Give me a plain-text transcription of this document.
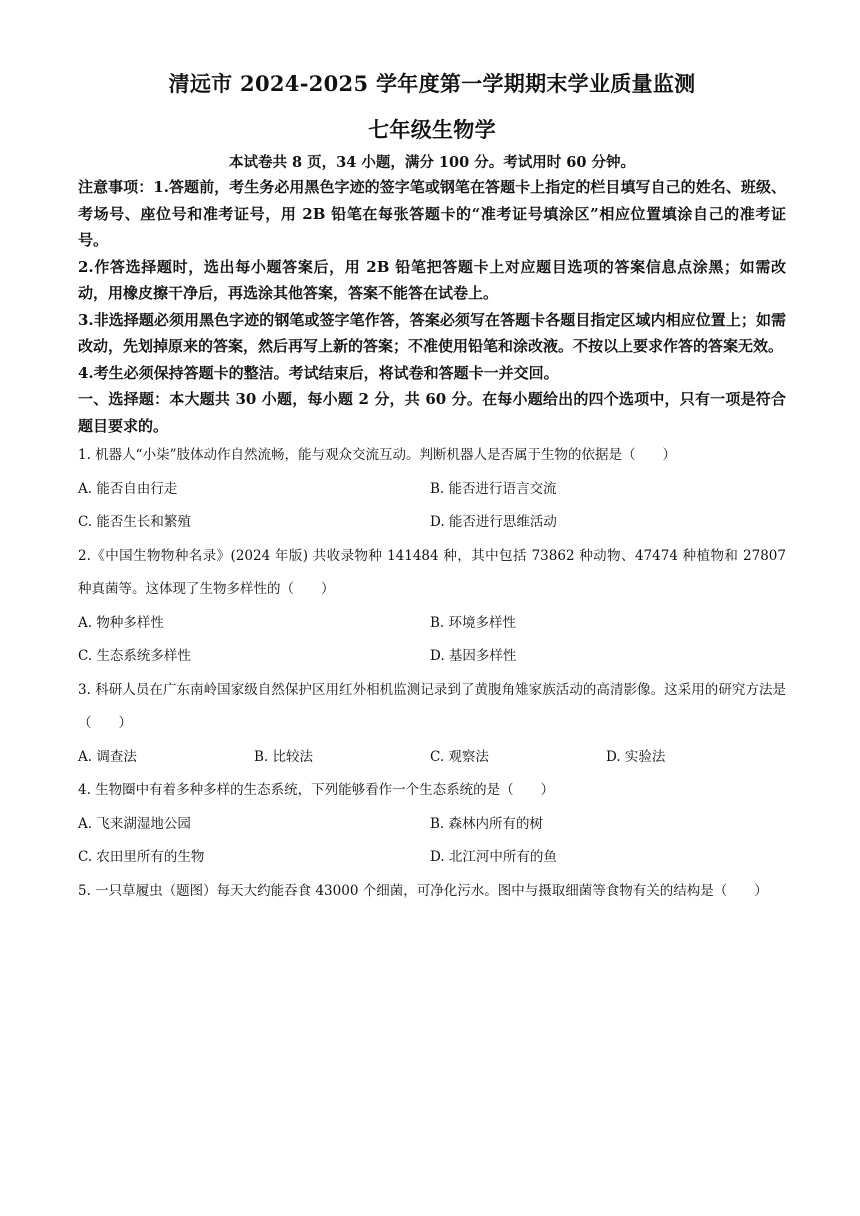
清远市 2024-2025 学年度第一学期期末学业质量监测
七年级生物学
本试卷共 8 页，34 小题，满分 100 分。考试用时 60 分钟。

注意事项：1.答题前，考生务必用黑色字迹的签字笔或钢笔在答题卡上指定的栏目填写自己的姓名、班级、考场号、座位号和准考证号，用 2B 铅笔在每张答题卡的“准考证号填涂区”相应位置填涂自己的准考证号。

2.作答选择题时，选出每小题答案后，用 2B 铅笔把答题卡上对应题目选项的答案信息点涂黑；如需改动，用橡皮擦干净后，再选涂其他答案，答案不能答在试卷上。

3.非选择题必须用黑色字迹的钢笔或签字笔作答，答案必须写在答题卡各题目指定区域内相应位置上；如需改动，先划掉原来的答案，然后再写上新的答案；不准使用铅笔和涂改液。不按以上要求作答的答案无效。

4.考生必须保持答题卡的整洁。考试结束后，将试卷和答题卡一并交回。

一、选择题：本大题共 30 小题，每小题 2 分，共 60 分。在每小题给出的四个选项中，只有一项是符合题目要求的。

1. 机器人“小柒”肢体动作自然流畅，能与观众交流互动。判断机器人是否属于生物的依据是（　　）

A. 能否自由行走	B. 能否进行语言交流
C. 能否生长和繁殖	D. 能否进行思维活动

2.《中国生物物种名录》(2024 年版) 共收录物种 141484 种，其中包括 73862 种动物、47474 种植物和 27807 种真菌等。这体现了生物多样性的（　　）

A. 物种多样性	B. 环境多样性
C. 生态系统多样性	D. 基因多样性

3. 科研人员在广东南岭国家级自然保护区用红外相机监测记录到了黄腹角雉家族活动的高清影像。这采用的研究方法是（　　）

A. 调查法	B. 比较法	C. 观察法	D. 实验法

4. 生物圈中有着多种多样的生态系统，下列能够看作一个生态系统的是（　　）

A. 飞来湖湿地公园	B. 森林内所有的树
C. 农田里所有的生物	D. 北江河中所有的鱼

5. 一只草履虫（题图）每天大约能吞食 43000 个细菌，可净化污水。图中与摄取细菌等食物有关的结构是（　　）
